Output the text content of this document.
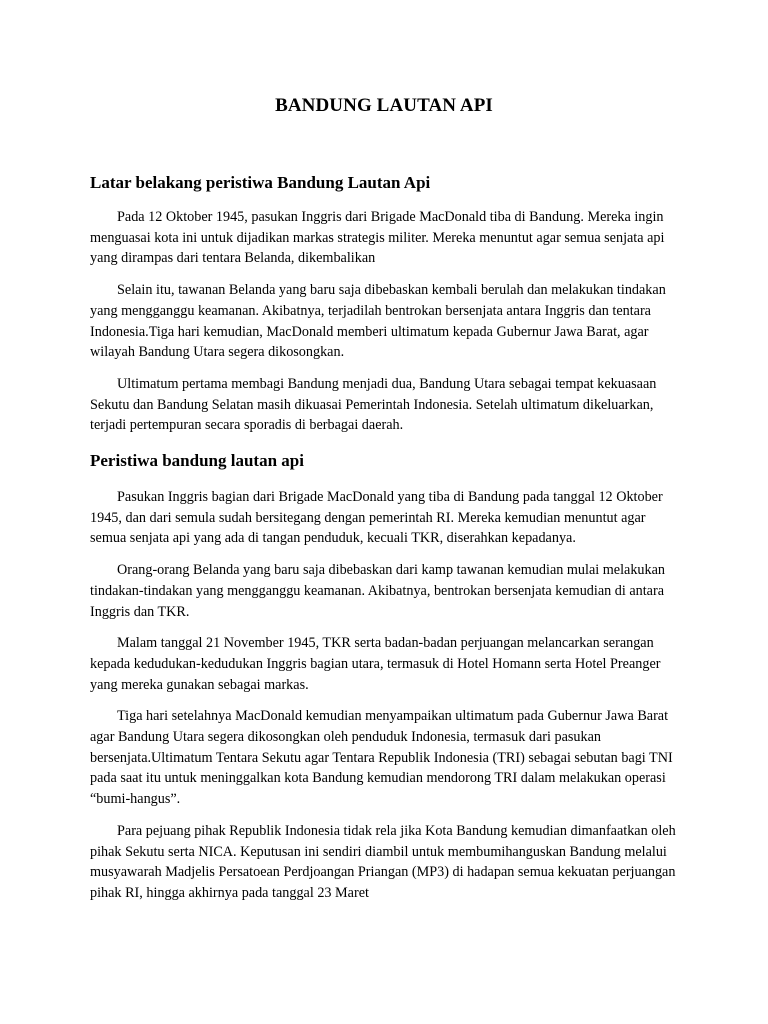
BANDUNG LAUTAN API
Latar belakang peristiwa Bandung Lautan Api

Pada 12 Oktober 1945, pasukan Inggris dari Brigade MacDonald tiba di Bandung. Mereka ingin menguasai kota ini untuk dijadikan markas strategis militer. Mereka menuntut agar semua senjata api yang dirampas dari tentara Belanda, dikembalikan

Selain itu, tawanan Belanda yang baru saja dibebaskan kembali berulah dan melakukan tindakan yang mengganggu keamanan. Akibatnya, terjadilah bentrokan bersenjata antara Inggris dan tentara Indonesia.Tiga hari kemudian, MacDonald memberi ultimatum kepada Gubernur Jawa Barat, agar wilayah Bandung Utara segera dikosongkan.

Ultimatum pertama membagi Bandung menjadi dua, Bandung Utara sebagai tempat kekuasaan Sekutu dan Bandung Selatan masih dikuasai Pemerintah Indonesia. Setelah ultimatum dikeluarkan, terjadi pertempuran secara sporadis di berbagai daerah.

Peristiwa bandung lautan api

Pasukan Inggris bagian dari Brigade MacDonald yang tiba di Bandung pada tanggal 12 Oktober 1945, dan dari semula sudah bersitegang dengan pemerintah RI. Mereka kemudian menuntut agar semua senjata api yang ada di tangan penduduk, kecuali TKR, diserahkan kepadanya.

Orang-orang Belanda yang baru saja dibebaskan dari kamp tawanan kemudian mulai melakukan tindakan-tindakan yang mengganggu keamanan. Akibatnya, bentrokan bersenjata kemudian di antara Inggris dan TKR.

Malam tanggal 21 November 1945, TKR serta badan-badan perjuangan melancarkan serangan kepada kedudukan-kedudukan Inggris bagian utara, termasuk di Hotel Homann serta Hotel Preanger yang mereka gunakan sebagai markas.

Tiga hari setelahnya MacDonald kemudian menyampaikan ultimatum pada Gubernur Jawa Barat agar Bandung Utara segera dikosongkan oleh penduduk Indonesia, termasuk dari pasukan bersenjata.Ultimatum Tentara Sekutu agar Tentara Republik Indonesia (TRI) sebagai sebutan bagi TNI pada saat itu untuk meninggalkan kota Bandung kemudian mendorong TRI dalam melakukan operasi “bumi-hangus”.

Para pejuang pihak Republik Indonesia tidak rela jika Kota Bandung kemudian dimanfaatkan oleh pihak Sekutu serta NICA. Keputusan ini sendiri diambil untuk membumihanguskan Bandung melalui musyawarah Madjelis Persatoean Perdjoangan Priangan (MP3) di hadapan semua kekuatan perjuangan pihak RI, hingga akhirnya pada tanggal 23 Maret
